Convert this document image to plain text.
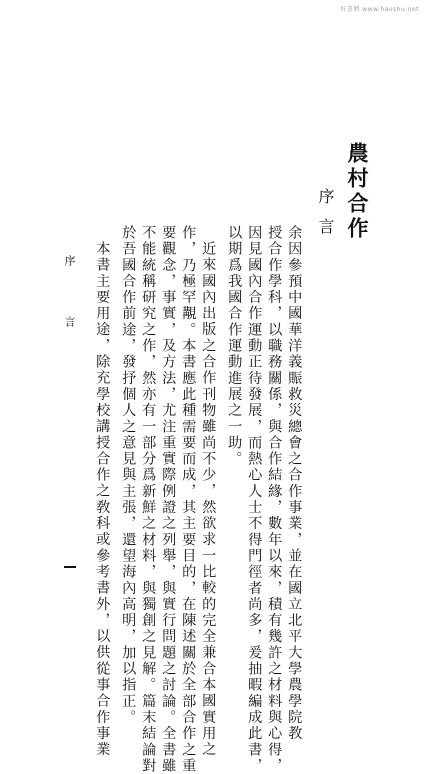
好書網 www.haoshu.net
農村合作
序言
余因參預中國華洋義賑救災總會之合作事業，並在國立北平大學農學院教
授合作學科，以職務關係，與合作結緣，數年以來，積有幾許之材料與心得，
因見國內合作運動正待發展，而熱心人士不得門徑者尚多，爰抽暇編成此書，
以期爲我國合作運動進展之一助。
近來國內出版之合作刊物雖尚不少，然欲求一比較的完全兼合本國實用之
作，乃極罕覯。本書應此種需要而成，其主要目的，在陳述關於全部合作之重
要觀念，事實，及方法，尤注重實際例證之列舉，與實行問題之討論。全書雖
不能統稱研究之作，然亦有一部分爲新鮮之材料，與獨創之見解。篇末結論對
於吾國合作前途，發抒個人之意見與主張，還望海內高明，加以指正。
本書主要用途，除充學校講授合作之敎科或參考書外，以供從事合作事業
序
言
